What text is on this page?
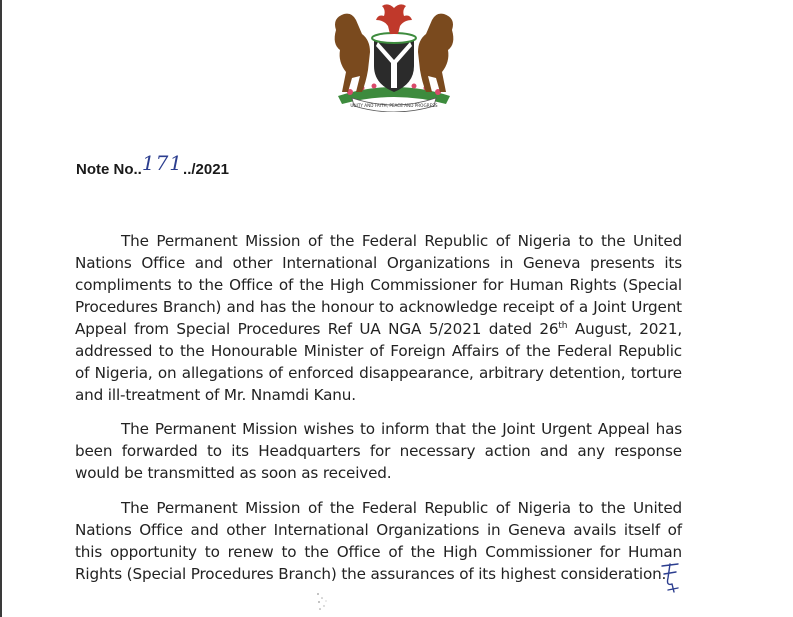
UNITY AND FAITH, PEACE AND PROGRESS
Note No..171../2021
The Permanent Mission of the Federal Republic of Nigeria to the United Nations Office and other International Organizations in Geneva presents its compliments to the Office of the High Commissioner for Human Rights (Special Procedures Branch) and has the honour to acknowledge receipt of a Joint Urgent Appeal from Special Procedures Ref UA NGA 5/2021 dated 26th August, 2021, addressed to the Honourable Minister of Foreign Affairs of the Federal Republic of Nigeria, on allegations of enforced disappearance, arbitrary detention, torture and ill-treatment of Mr. Nnamdi Kanu.
The Permanent Mission wishes to inform that the Joint Urgent Appeal has been forwarded to its Headquarters for necessary action and any response would be transmitted as soon as received.
The Permanent Mission of the Federal Republic of Nigeria to the United Nations Office and other International Organizations in Geneva avails itself of this opportunity to renew to the Office of the High Commissioner for Human Rights (Special Procedures Branch) the assurances of its highest consideration.
